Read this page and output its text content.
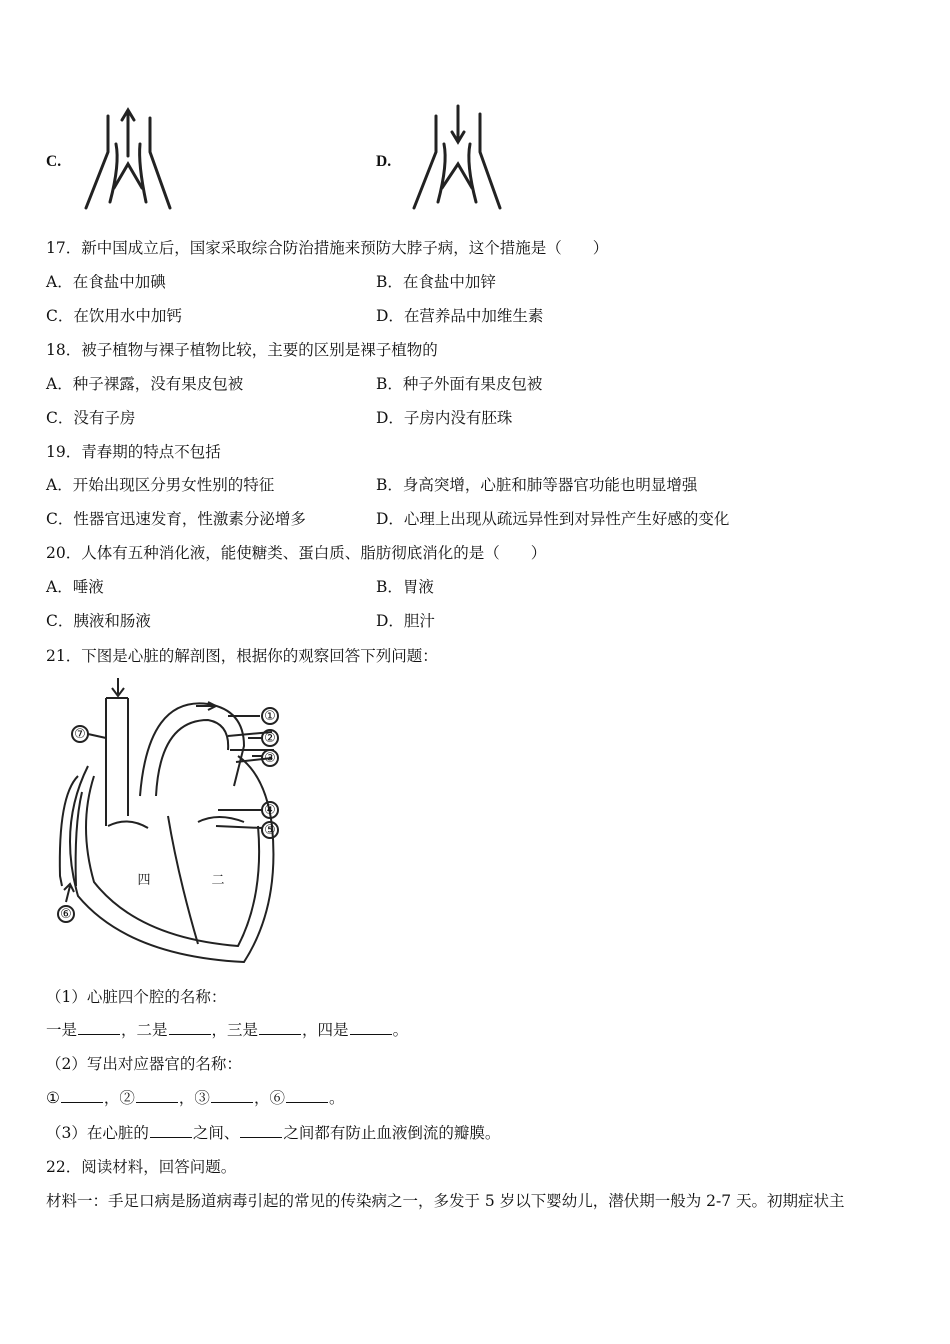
C.	D.
17．新中国成立后，国家采取综合防治措施来预防大脖子病，这个措施是（　　）
A．在食盐中加碘	B．在食盐中加锌
C．在饮用水中加钙	D．在营养品中加维生素
18．被子植物与裸子植物比较，主要的区别是裸子植物的
A．种子裸露，没有果皮包被	B．种子外面有果皮包被
C．没有子房	D．子房内没有胚珠
19．青春期的特点不包括
A．开始出现区分男女性别的特征	B．身高突增，心脏和肺等器官功能也明显增强
C．性器官迅速发育，性激素分泌增多	D．心理上出现从疏远异性到对异性产生好感的变化
20．人体有五种消化液，能使糖类、蛋白质、脂肪彻底消化的是（　　）
A．唾液	B．胃液
C．胰液和肠液	D．胆汁
21．下图是心脏的解剖图，根据你的观察回答下列问题：
①
②
③
④
⑤
⑥
⑦
四	二
（1）心脏四个腔的名称：
一是	，二是	，三是	，四是	。
（2）写出对应器官的名称：
①	，②	，③	，⑥	。
（3）在心脏的	之间、	之间都有防止血液倒流的瓣膜。
22．阅读材料，回答问题。
材料一：手足口病是肠道病毒引起的常见的传染病之一，多发于 5 岁以下婴幼儿，潜伏期一般为 2-7 天。初期症状主
